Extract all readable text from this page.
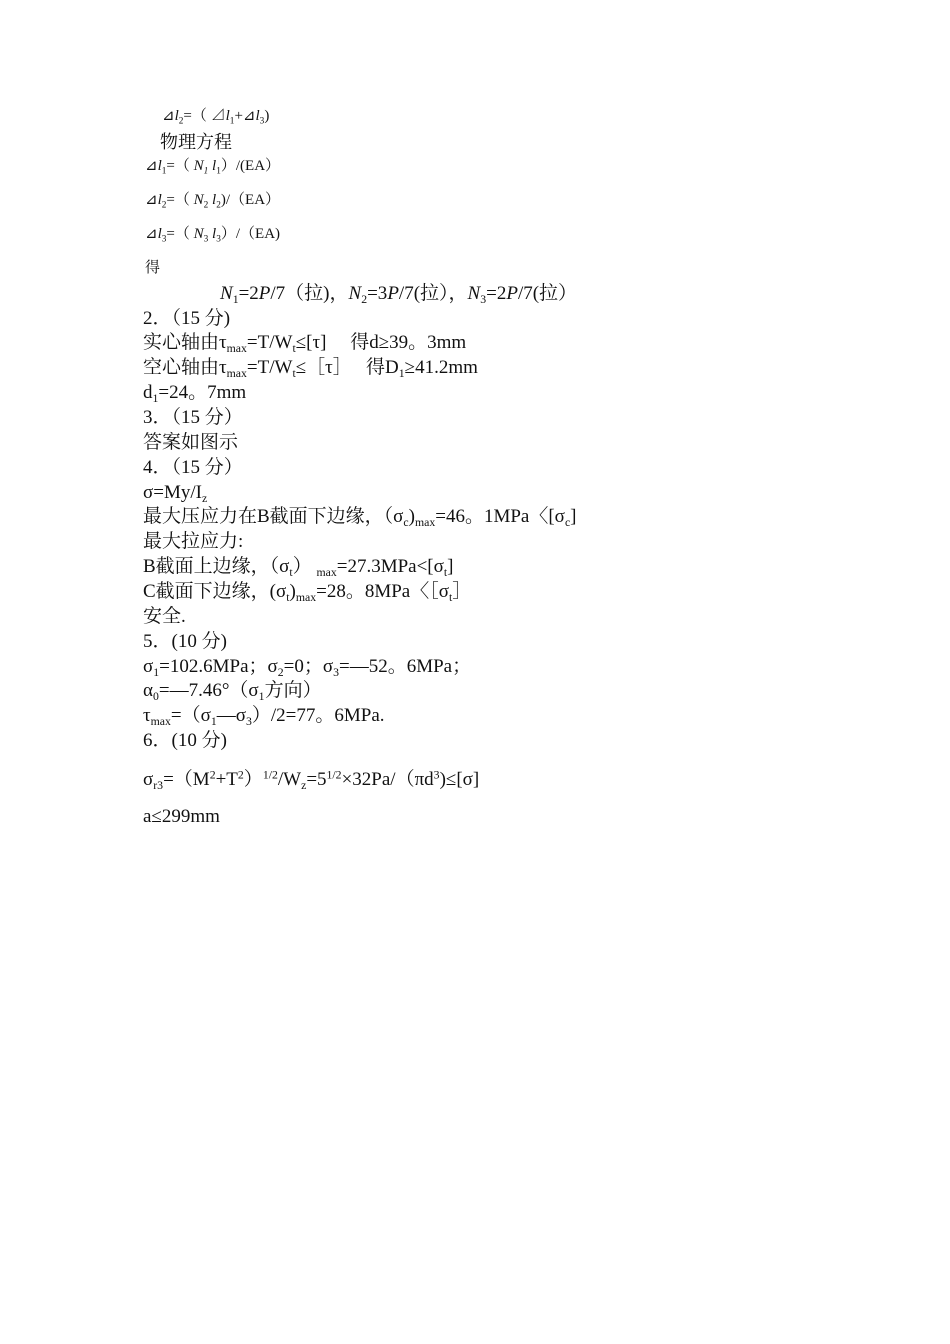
$⊿l_2=$（ $⊿l_1+⊿l_3$)
物理方程
$⊿l_1=$（ $N_1$ $l_1)/(EA)$
$⊿l_2=$（ $N_2$ $l_2)/(EA)$
$⊿l_3=$（ $N_3$ $l_3)/(EA)$
得
$N_1=2P/7$（拉)，$N_2=3P/7$(拉），$N_3=2P/7$(拉）
2．（15 分)
实心轴由$\tau_{max}=T/W_t\le[\tau]$　 得d≥39。3mm
空心轴由$\tau_{max}=T/W_t\le[\tau]$　 得$D_1\ge 41.2mm$
$d_1=24$。7mm
3．（15 分）
答案如图示
4．（15 分）
$\sigma=My/I_z$
最大压应力在B截面下边缘，$(\sigma_c)_{max}=46$。1MPa〈$[\sigma_c]$
最大拉应力:
B截面上边缘，$(\sigma_t)$ $_{max}=27.3MPa<[\sigma_t]$
C截面下边缘，$(\sigma_t)_{max}=28$。8MPa〈$[\sigma_t]$
安全.
5．(10 分)
$\sigma_1=102.6MPa$；$\sigma_2=0$；$\sigma_3=—52$。6MPa；
$\alpha_0=—7.46^\circ(\sigma_1$方向）
$\tau_{max}=(\sigma_1—\sigma_3)/2=77$。6MPa.
6．(10 分)
$\sigma_{r3}=(M^2+T^2)^{1/2}/W_z=5^{1/2}\times 32Pa/(\pi d^3)\le[\sigma]$
a≤299mm
